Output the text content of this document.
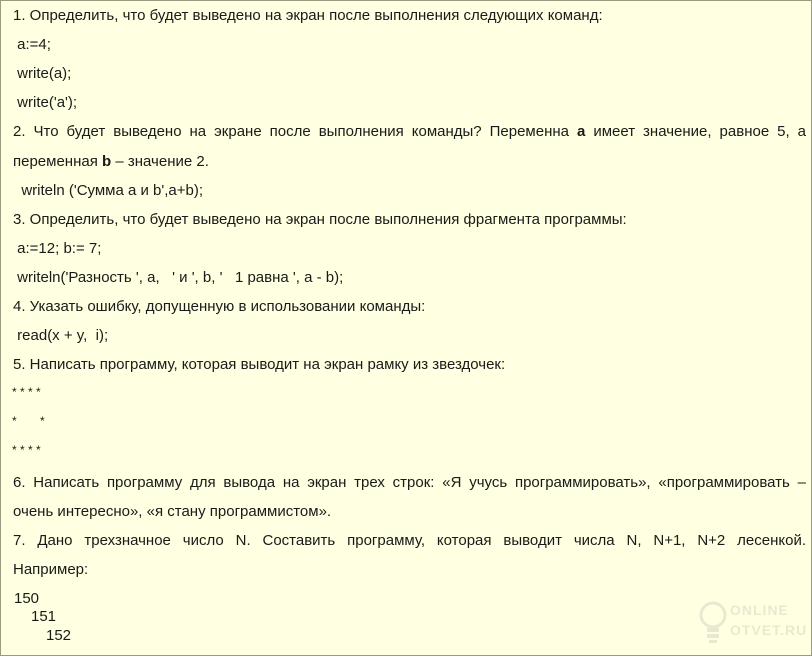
1. Определить, что будет выведено на экран после выполнения следующих команд:
a:=4;
write(a);
write('a');
2. Что будет выведено на экране после выполнения команды? Переменна a имеет значение, равное 5, а
переменная b – значение 2.
writeln ('Сумма a и b',a+b);
3. Определить, что будет выведено на экран после выполнения фрагмента программы:
a:=12; b:= 7;
writeln('Разность ', a,   ' и ', b, '   1 равна ', a - b);
4. Указать ошибку, допущенную в использовании команды:
read(x + y,  i);
5. Написать программу, которая выводит на экран рамку из звездочек:
* * * *
*       *
* * * *
6. Написать программу для вывода на экран трех строк: «Я учусь программировать», «программировать –
очень интересно», «я стану программистом».
7. Дано трехзначное число N. Составить программу, которая выводит числа N, N+1, N+2 лесенкой.
Например:
150
151
152
ONLINE
OTVET.RU
